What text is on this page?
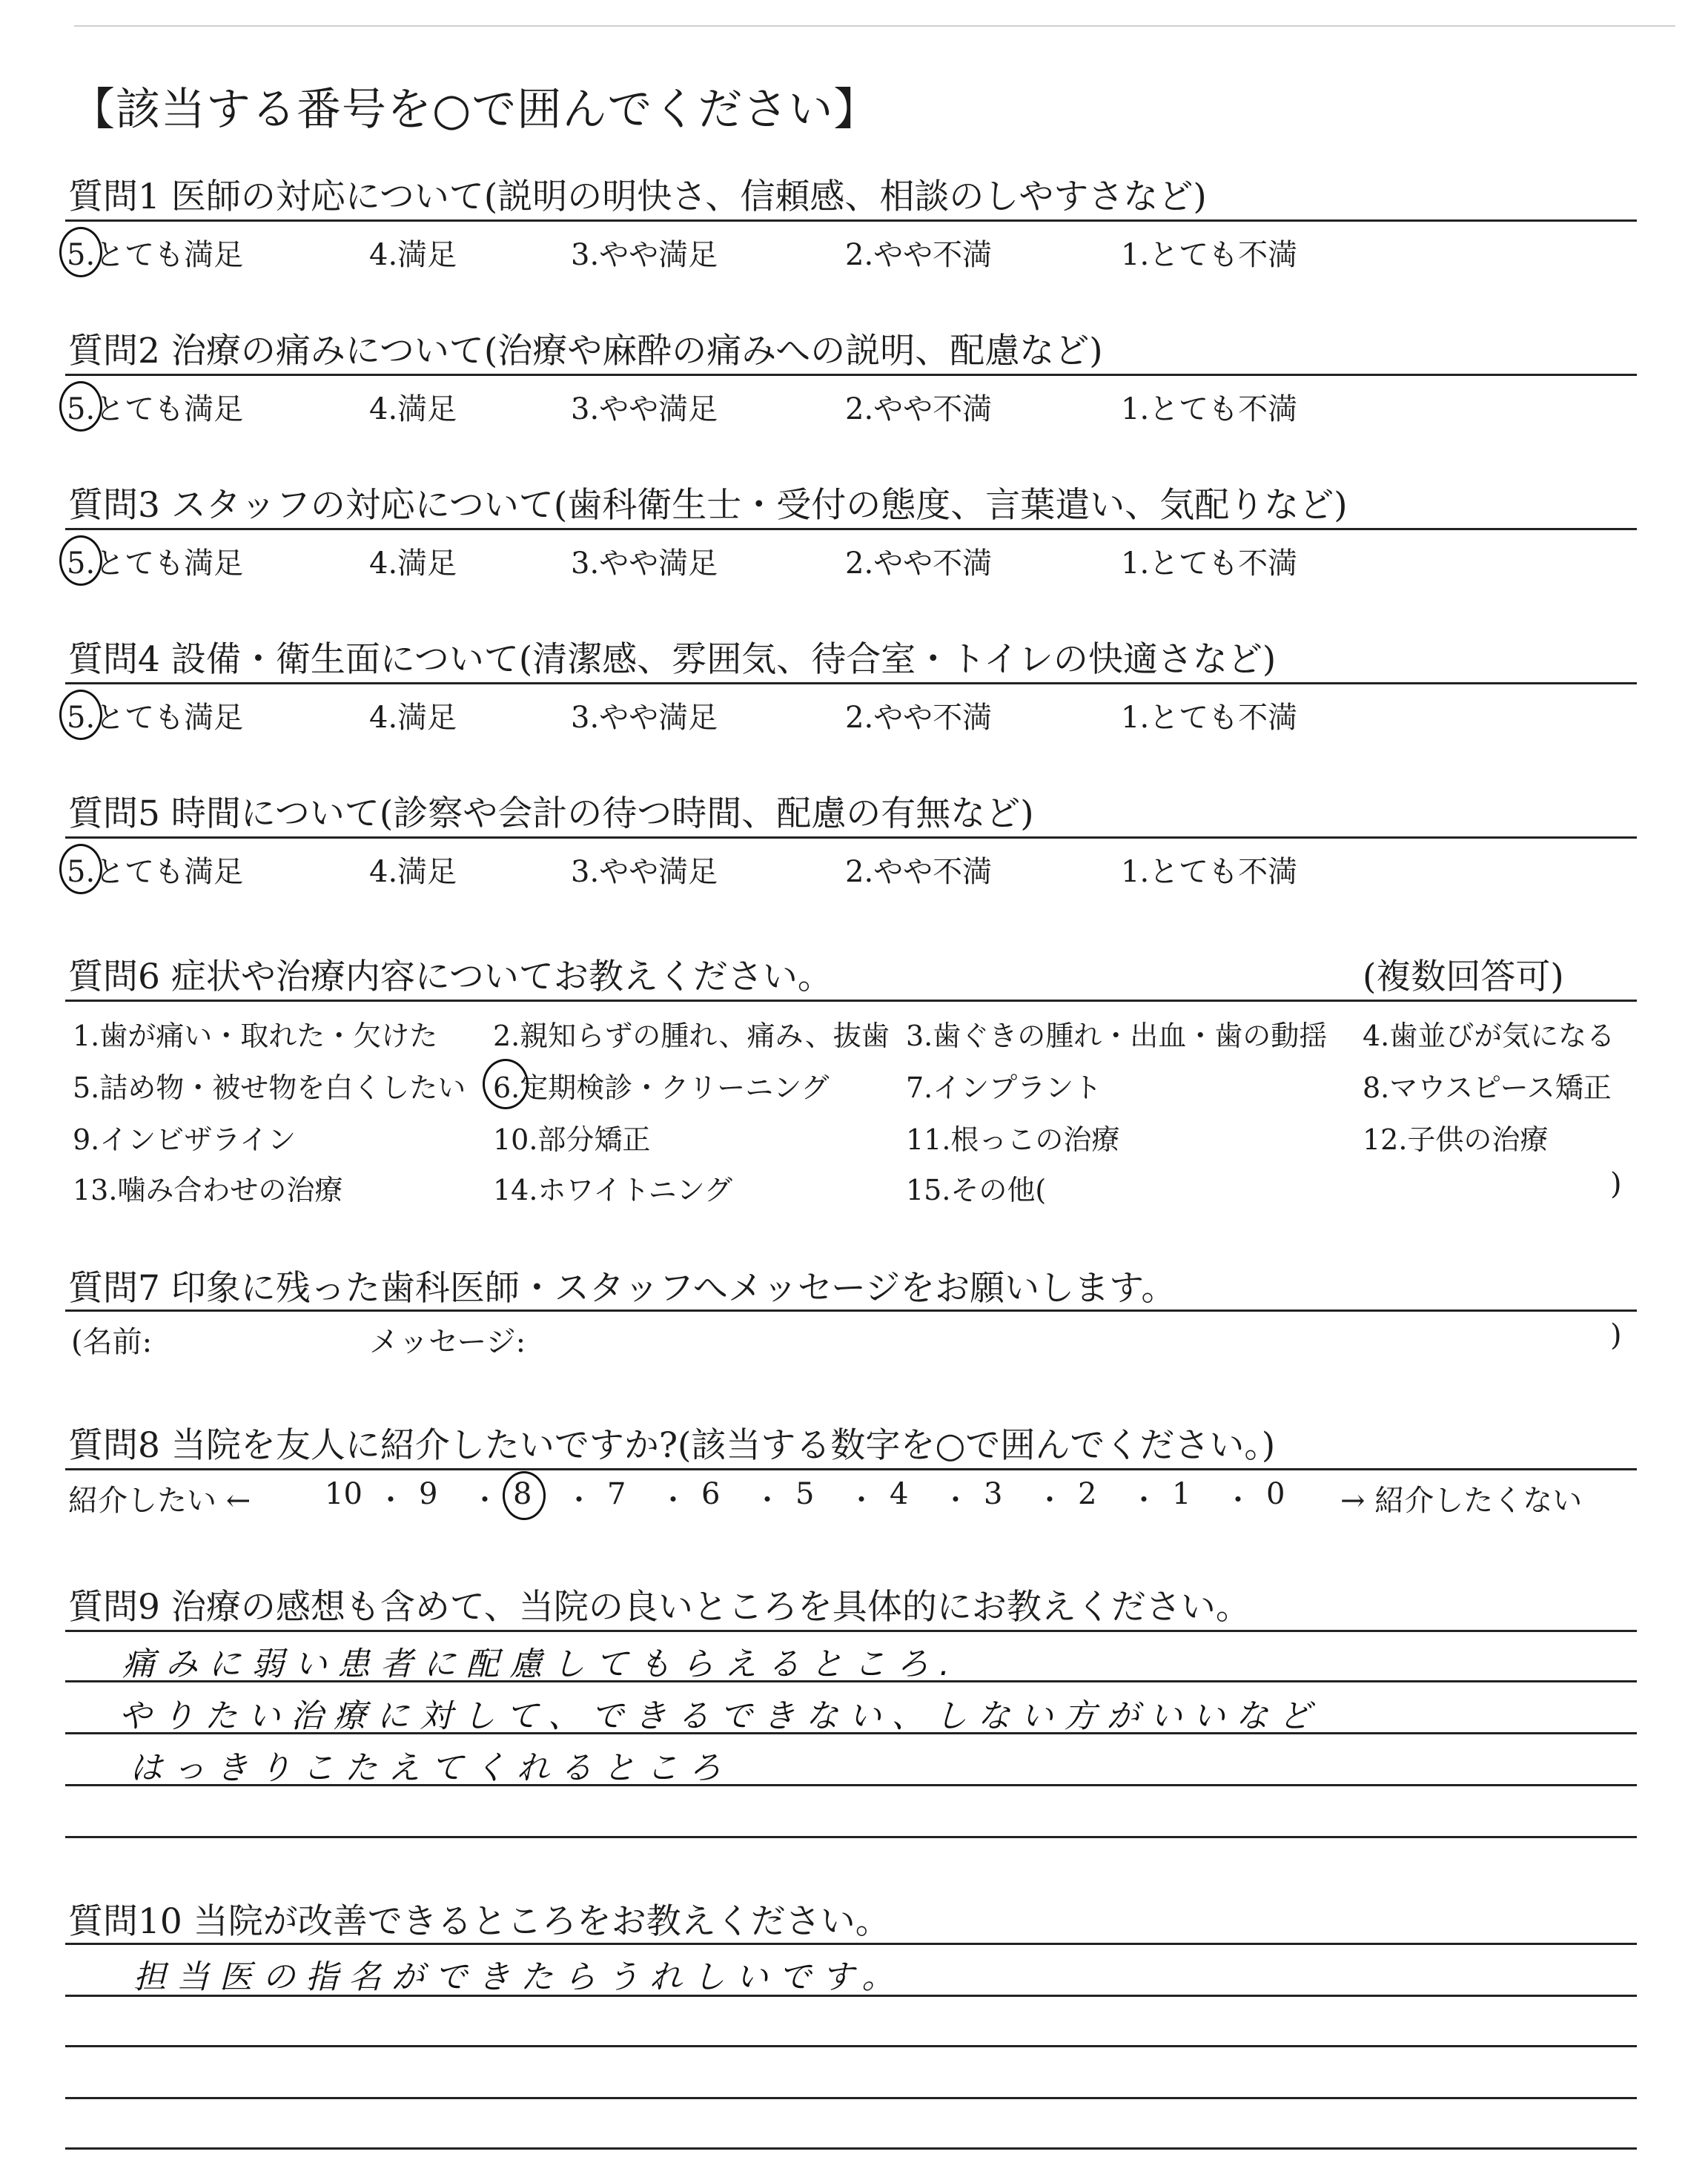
【該当する番号を○で囲んでください】
質問1 医師の対応について(説明の明快さ、信頼感、相談のしやすさなど)
5.とても満足	4.満足	3.やや満足	2.やや不満	1.とても不満
質問2 治療の痛みについて(治療や麻酔の痛みへの説明、配慮など)
5.とても満足	4.満足	3.やや満足	2.やや不満	1.とても不満
質問3 スタッフの対応について(歯科衛生士・受付の態度、言葉遣い、気配りなど)
5.とても満足	4.満足	3.やや満足	2.やや不満	1.とても不満
質問4 設備・衛生面について(清潔感、雰囲気、待合室・トイレの快適さなど)
5.とても満足	4.満足	3.やや満足	2.やや不満	1.とても不満
質問5 時間について(診察や会計の待つ時間、配慮の有無など)
5.とても満足	4.満足	3.やや満足	2.やや不満	1.とても不満
質問6 症状や治療内容についてお教えください。	(複数回答可)
1.歯が痛い・取れた・欠けた 2.親知らずの腫れ、痛み、抜歯 3.歯ぐきの腫れ・出血・歯の動揺 4.歯並びが気になる
5.詰め物・被せ物を白くしたい 6.定期検診・クリーニング	7.インプラント	8.マウスピース矯正
9.インビザライン	10.部分矯正	11.根っこの治療	12.子供の治療
13.噛み合わせの治療	14.ホワイトニング	15.その他(	)
質問7 印象に残った歯科医師・スタッフへメッセージをお願いします。
(名前:	メッセージ:	)
質問8 当院を友人に紹介したいですか?(該当する数字を○で囲んでください。)
紹介したい ←	→ 紹介したくない
10 ・ 9 ・ 8 ・ 7 ・ 6 ・ 5 ・ 4 ・ 3 ・ 2 ・ 1 ・ 0
質問9 治療の感想も含めて、当院の良いところを具体的にお教えください。
痛みに弱い患者に配慮してもらえるところ.
やりたい治療に対して、できるできない、しない方がいいなど
はっきりこたえてくれるところ
質問10 当院が改善できるところをお教えください。
担当医の指名ができたらうれしいです。
